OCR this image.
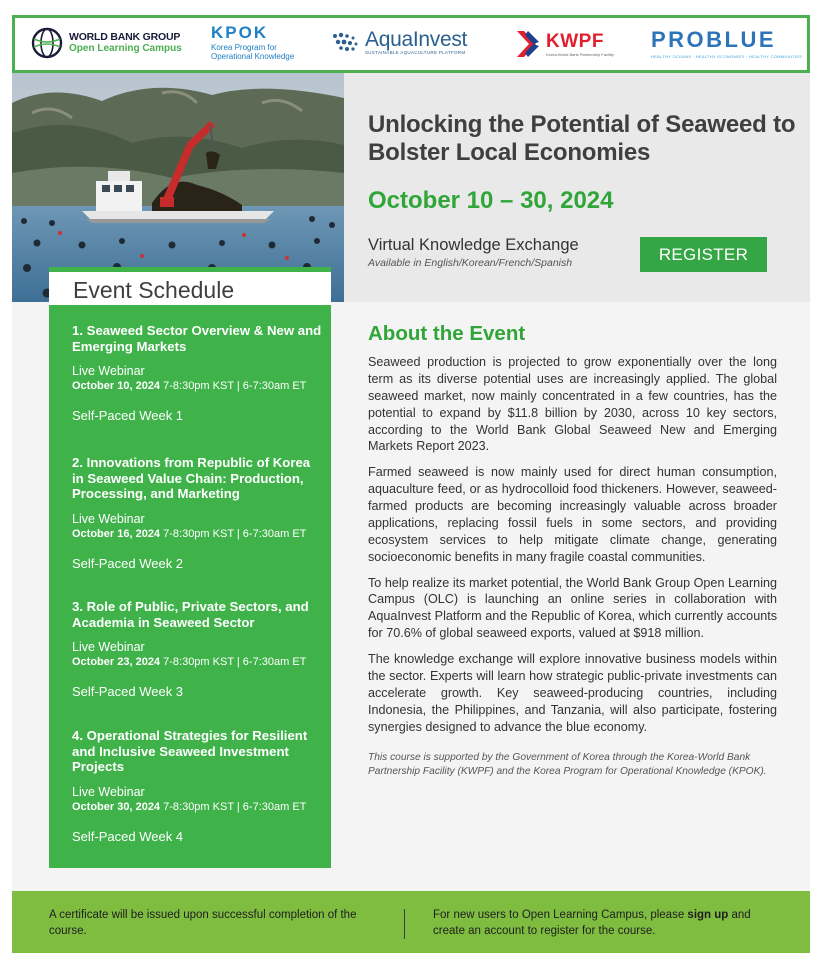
WORLD BANK GROUP
Open Learning Campus
KPOK
Korea Program for
Operational Knowledge
AquaInvest
SUSTAINABLE AQUACULTURE PLATFORM
KWPF
Korea-World Bank Partnership Facility
PROBLUE
HEALTHY OCEANS · HEALTHY ECONOMIES · HEALTHY COMMUNITIES
Unlocking the Potential of Seaweed to Bolster Local Economies
October 10 – 30, 2024
Virtual Knowledge Exchange
Available in English/Korean/French/Spanish	REGISTER
Event Schedule
1. Seaweed Sector Overview & New and Emerging Markets
Live Webinar
October 10, 2024 7-8:30pm KST | 6-7:30am ET
Self-Paced Week 1
2. Innovations from Republic of Korea in Seaweed Value Chain: Production, Processing, and Marketing
Live Webinar
October 16, 2024 7-8:30pm KST | 6-7:30am ET
Self-Paced Week 2
3. Role of Public, Private Sectors, and Academia in Seaweed Sector
Live Webinar
October 23, 2024 7-8:30pm KST | 6-7:30am ET
Self-Paced Week 3
4. Operational Strategies for Resilient and Inclusive Seaweed Investment Projects
Live Webinar
October 30, 2024 7-8:30pm KST | 6-7:30am ET
Self-Paced Week 4
About the Event

Seaweed production is projected to grow exponentially over the long term as its diverse potential uses are increasingly applied. The global seaweed market, now mainly concentrated in a few countries, has the potential to expand by $11.8 billion by 2030, across 10 key sectors, according to the World Bank Global Seaweed New and Emerging Markets Report 2023.

Farmed seaweed is now mainly used for direct human consumption, aquaculture feed, or as hydrocolloid food thickeners. However, seaweed-farmed products are becoming increasingly valuable across broader applications, replacing fossil fuels in some sectors, and providing ecosystem services to help mitigate climate change, generating socioeconomic benefits in many fragile coastal communities.

To help realize its market potential, the World Bank Group Open Learning Campus (OLC) is launching an online series in collaboration with AquaInvest Platform and the Republic of Korea, which currently accounts for 70.6% of global seaweed exports, valued at $918 million.

The knowledge exchange will explore innovative business models within the sector. Experts will learn how strategic public-private investments can accelerate growth. Key seaweed-producing countries, including Indonesia, the Philippines, and Tanzania, will also participate, fostering synergies designed to advance the blue economy.

This course is supported by the Government of Korea through the Korea-World Bank Partnership Facility (KWPF) and the Korea Program for Operational Knowledge (KPOK).

A certificate will be issued upon successful completion of the course.
For new users to Open Learning Campus, please sign up and create an account to register for the course.
